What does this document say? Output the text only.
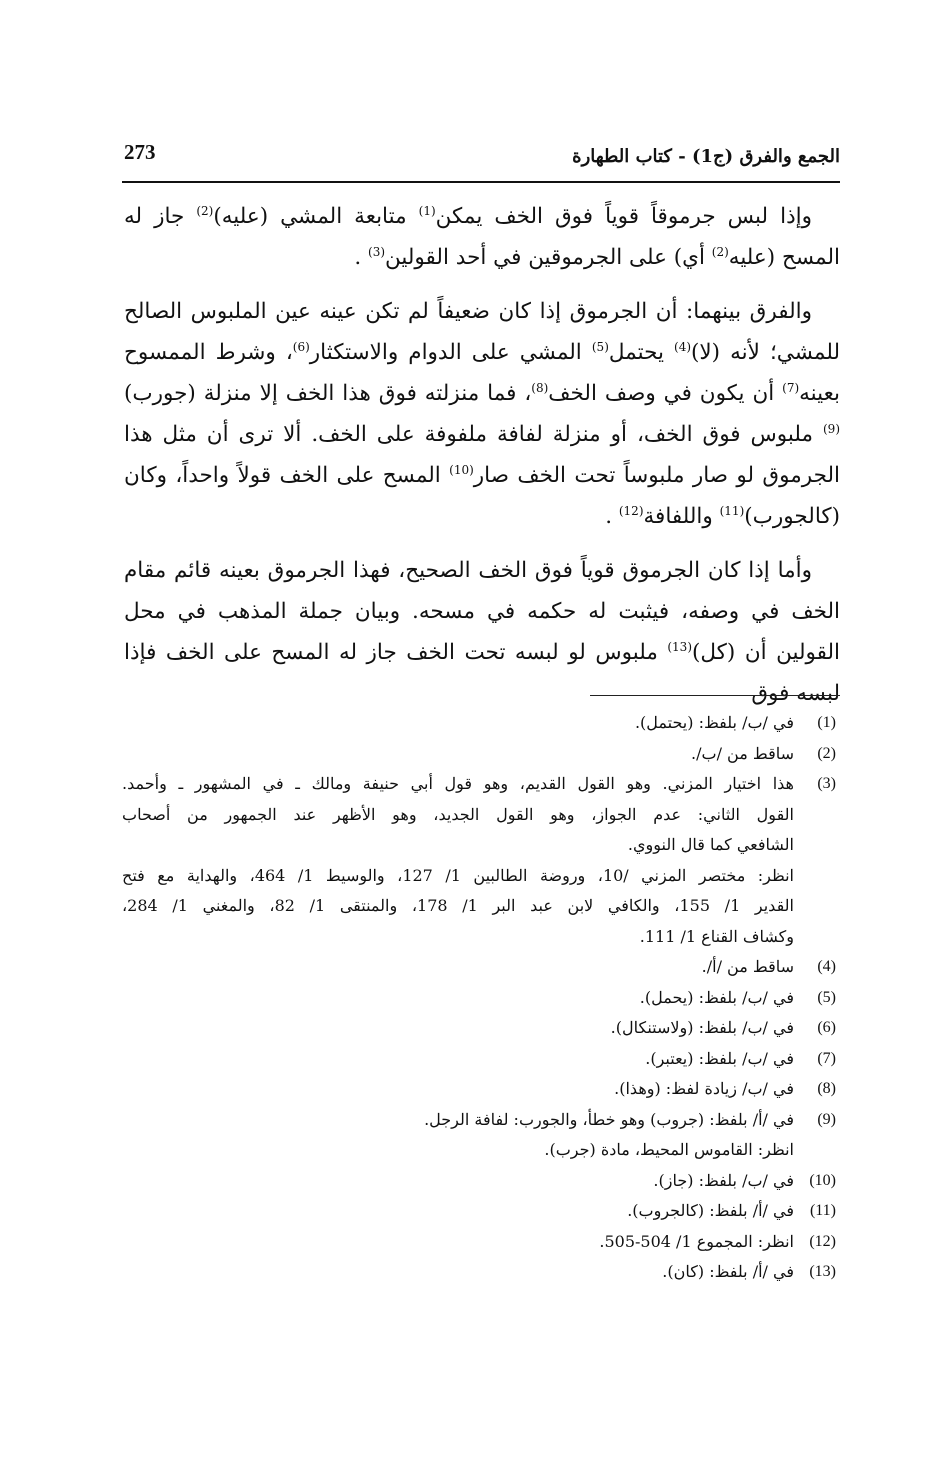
273	الجمع والفرق (ج1) - كتاب الطهارة

وإذا لبس جرموقاً قوياً فوق الخف يمكن$^{(1)}$ متابعة المشي (عليه)$^{(2)}$ جاز له المسح (عليه$^{(2)}$ أي) على الجرموقين في أحد القولين$^{(3)}$ .

والفرق بينهما: أن الجرموق إذا كان ضعيفاً لم تكن عينه عين الملبوس الصالح للمشي؛ لأنه (لا)$^{(4)}$ يحتمل$^{(5)}$ المشي على الدوام والاستكثار$^{(6)}$، وشرط الممسوح بعينه$^{(7)}$ أن يكون في وصف الخف$^{(8)}$، فما منزلته فوق هذا الخف إلا منزلة (جورب)$^{(9)}$ ملبوس فوق الخف، أو منزلة لفافة ملفوفة على الخف. ألا ترى أن مثل هذا الجرموق لو صار ملبوساً تحت الخف صار$^{(10)}$ المسح على الخف قولاً واحداً، وكان (كالجورب)$^{(11)}$ واللفافة$^{(12)}$ .

وأما إذا كان الجرموق قوياً فوق الخف الصحيح، فهذا الجرموق بعينه قائم مقام الخف في وصفه، فيثبت له حكمه في مسحه. وبيان جملة المذهب في محل القولين أن (كل)$^{(13)}$ ملبوس لو لبسه تحت الخف جاز له المسح على الخف فإذا لبسه فوق

(1)
في /ب/ بلفظ: (يحتمل).
(2)
ساقط من /ب/.
(3)
هذا اختيار المزني. وهو القول القديم، وهو قول أبي حنيفة ومالك ـ في المشهور ـ وأحمد.
القول الثاني: عدم الجواز، وهو القول الجديد، وهو الأظهر عند الجمهور من أصحاب
الشافعي كما قال النووي.
انظر: مختصر المزني /10، وروضة الطالبين 1/ 127، والوسيط 1/ 464، والهداية مع فتح
القدير 1/ 155، والكافي لابن عبد البر 1/ 178، والمنتقى 1/ 82، والمغني 1/ 284،
وكشاف القناع 1/ 111.
(4)
ساقط من /أ/.
(5)
في /ب/ بلفظ: (يحمل).
(6)
في /ب/ بلفظ: (ولاستنكال).
(7)
في /ب/ بلفظ: (يعتبر).
(8)
في /ب/ زيادة لفظ: (وهذا).
(9)
في /أ/ بلفظ: (جروب) وهو خطأ، والجورب: لفافة الرجل.
انظر: القاموس المحيط، مادة (جرب).
(10)
في /ب/ بلفظ: (جاز).
(11)
في /أ/ بلفظ: (كالجروب).
(12)
انظر: المجموع 1/ 504-505.
(13)
في /أ/ بلفظ: (كان).
